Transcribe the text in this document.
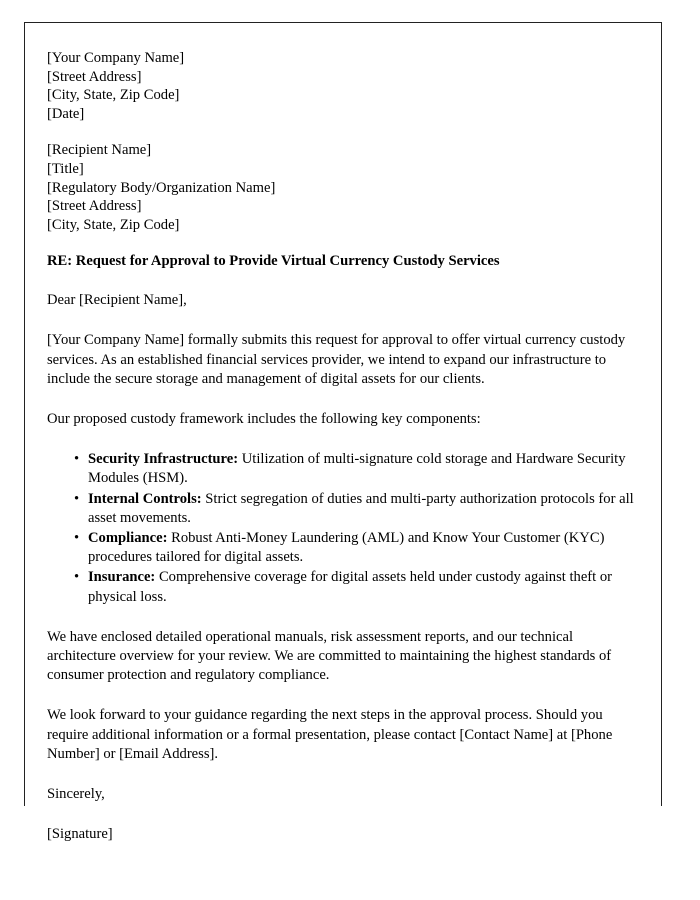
[Your Company Name]
[Street Address]
[City, State, Zip Code]
[Date]
[Recipient Name]
[Title]
[Regulatory Body/Organization Name]
[Street Address]
[City, State, Zip Code]
RE: Request for Approval to Provide Virtual Currency Custody Services
Dear [Recipient Name],

[Your Company Name] formally submits this request for approval to offer virtual currency custody services. As an established financial services provider, we intend to expand our infrastructure to include the secure storage and management of digital assets for our clients.

Our proposed custody framework includes the following key components:

• Security Infrastructure: Utilization of multi-signature cold storage and Hardware Security Modules (HSM).
• Internal Controls: Strict segregation of duties and multi-party authorization protocols for all asset movements.
• Compliance: Robust Anti-Money Laundering (AML) and Know Your Customer (KYC) procedures tailored for digital assets.
• Insurance: Comprehensive coverage for digital assets held under custody against theft or physical loss.

We have enclosed detailed operational manuals, risk assessment reports, and our technical architecture overview for your review. We are committed to maintaining the highest standards of consumer protection and regulatory compliance.

We look forward to your guidance regarding the next steps in the approval process. Should you require additional information or a formal presentation, please contact [Contact Name] at [Phone Number] or [Email Address].

Sincerely,
[Signature]
